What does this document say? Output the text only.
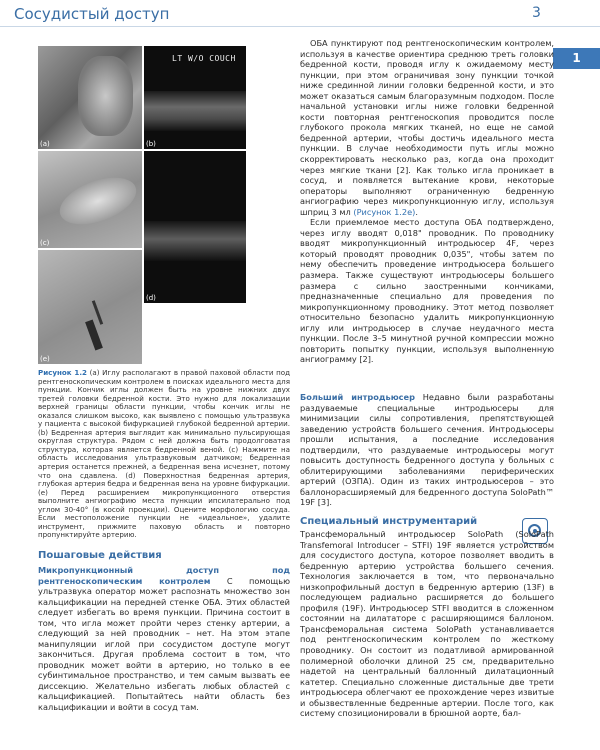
Сосудистый доступ	3
1
(a)
LT W/O COUCH
(b)
(c)
(d)
(e)
Рисунок 1.2 (a) Иглу располагают в правой паховой области под рентгеноскопическим контролем в поисках идеального места для пункции. Кончик иглы должен быть на уровне нижних двух третей головки бедренной кости. Это нужно для локализации верхней границы области пункции, чтобы кончик иглы не оказался слишком высоко, как выявлено с помощью ультразвука у пациента с высокой бифуркацией глубокой бедренной артерии. (b) Бедренная артерия выглядит как минимально пульсирующая округлая структура. Рядом с ней должна быть продолговатая структура, которая является бедренной веной. (c) Нажмите на область исследования ультразвуковым датчиком; бедренная артерия останется прежней, а бедренная вена исчезнет, потому что она сдавлена. (d) Поверхностная бедренная артерия, глубокая артерия бедра и бедренная вена на уровне бифуркации. (e) Перед расширением микропункционного отверстия выполните ангиографию места пункции ипсилатерально под углом 30-40° (в косой проекции). Оцените морфологию сосуда. Если местоположение пункции не «идеальное», удалите инструмент, прижмите паховую область и повторно пропунктируйте артерию.
Пошаговые действия

Микропункционный доступ под рентгеноскопическим контролем С помощью ультразвука оператор может распознать множество зон кальцификации на передней стенке ОБА. Этих областей следует избегать во время пункции. Причина состоит в том, что игла может пройти через стенку артерии, а следующий за ней проводник – нет. На этом этапе манипуляции иглой при сосудистом доступе могут закончиться. Другая проблема состоит в том, что проводник может войти в артерию, но только в ее субинтимальное пространство, и тем самым вызвать ее диссекцию. Желательно избегать любых областей с кальцификацией. Попытайтесь найти область без кальцификации и войти в сосуд там.

ОБА пунктируют под рентгеноскопическим контролем, используя в качестве ориентира среднюю треть головки бедренной кости, проводя иглу к ожидаемому месту пункции, при этом ограничивая зону пункции точкой ниже срединной линии головки бедренной кости, и это может оказаться самым благоразумным подходом. После начальной установки иглы ниже головки бедренной кости повторная рентгеноскопия проводится после глубокого прокола мягких тканей, но еще не самой бедренной артерии, чтобы достичь идеального места пункции. В случае необходимости путь иглы можно скорректировать несколько раз, когда она проходит через мягкие ткани [2]. Как только игла проникает в сосуд, и появляется вытекание крови, некоторые операторы выполняют ограниченную бедренную ангиографию через микропункционную иглу, используя шприц 3 мл (Рисунок 1.2e).

Если приемлемое место доступа ОБА подтверждено, через иглу вводят 0,018" проводник. По проводнику вводят микропункционный интродьюсер 4F, через который проводят проводник 0,035", чтобы затем по нему обеспечить проведение интродьюсера большего размера. Также существуют интродьюсеры большего размера с сильно заостренными кончиками, предназначенные специально для проведения по микропункционному проводнику. Этот метод позволяет относительно безопасно удалить микропункционную иглу или интродьюсер в случае неудачного места пункции. После 3–5 минутной ручной компрессии можно повторить попытку пункции, используя выполненную ангиограмму [2].

Больший интродьюсер Недавно были разработаны раздуваемые специальные интродьюсеры для минимизации силы сопротивления, препятствующей заведению устройств большего сечения. Интродьюсеры прошли испытания, а последние исследования подтвердили, что раздуваемые интродьюсеры могут повысить доступность бедренного доступа у больных с облитерирующими заболеваниями периферических артерий (ОЗПА). Один из таких интродьюсеров – это баллонорасширяемый для бедренного доступа SoloPath™ 19F [3].

Специальный инструментарий

Трансфеморальный интродьюсер SoloPath (SoloPath Transfemoral Introducer – STFI) 19F является устройством для сосудистого доступа, которое позволяет вводить в бедренную артерию устройства большего сечения. Технология заключается в том, что первоначально низкопрофильный доступ в бедренную артерию (13F) в последующем радиально расширяется до большего профиля (19F). Интродьюсер STFI вводится в сложенном состоянии на дилататоре с расширяющимся баллоном. Трансфеморальная система SoloPath устанавливается под рентгеноскопическим контролем по жесткому проводнику. Он состоит из податливой армированной полимерной оболочки длиной 25 см, предварительно надетой на центральный баллонный дилатационный катетер. Специально сложенные дистальные две трети интродьюсера облегчают ее прохождение через извитые и обызвествленные бедренные артерии. После того, как систему спозиционировали в брюшной аорте, бал-
